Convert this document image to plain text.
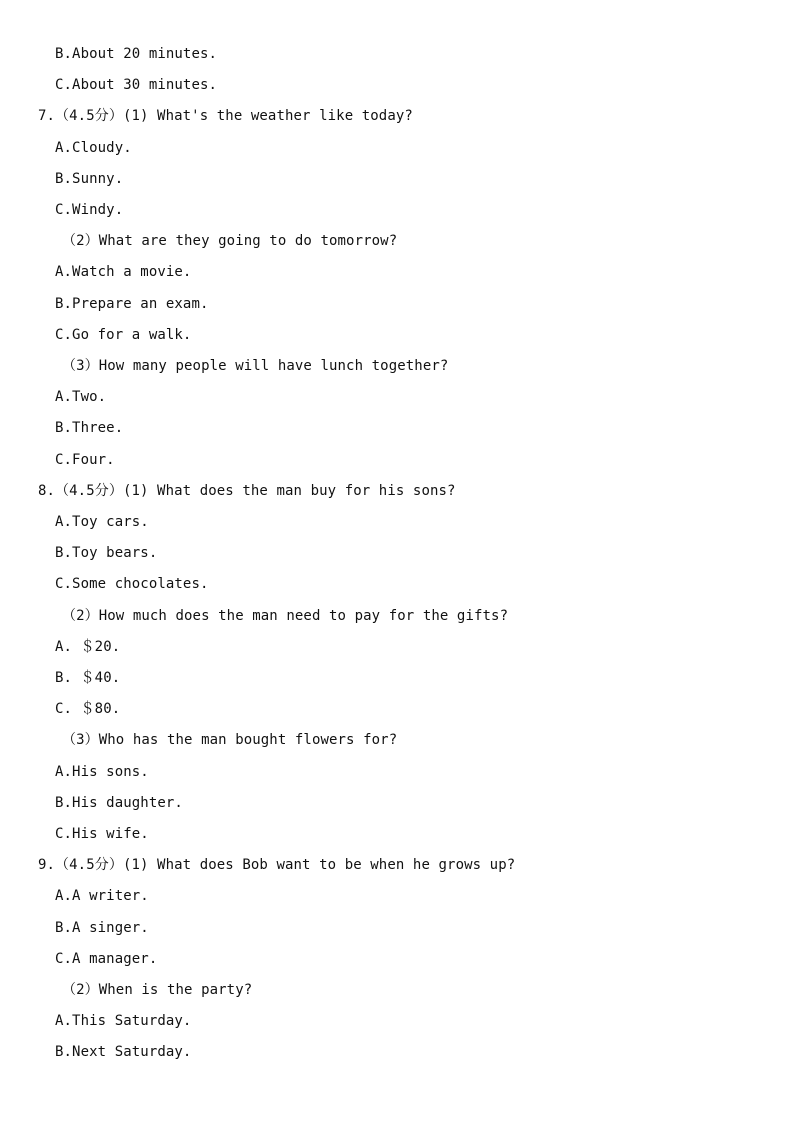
B.About 20 minutes.
C.About 30 minutes.
7.（4.5分）(1) What's the weather like today?
A.Cloudy.
B.Sunny.
C.Windy.
（2）What are they going to do tomorrow?
A.Watch a movie.
B.Prepare an exam.
C.Go for a walk.
（3）How many people will have lunch together?
A.Two.
B.Three.
C.Four.
8.（4.5分）(1) What does the man buy for his sons?
A.Toy cars.
B.Toy bears.
C.Some chocolates.
（2）How much does the man need to pay for the gifts?
A. ＄20.
B. ＄40.
C. ＄80.
（3）Who has the man bought flowers for?
A.His sons.
B.His daughter.
C.His wife.
9.（4.5分）(1) What does Bob want to be when he grows up?
A.A writer.
B.A singer.
C.A manager.
（2）When is the party?
A.This Saturday.
B.Next Saturday.
